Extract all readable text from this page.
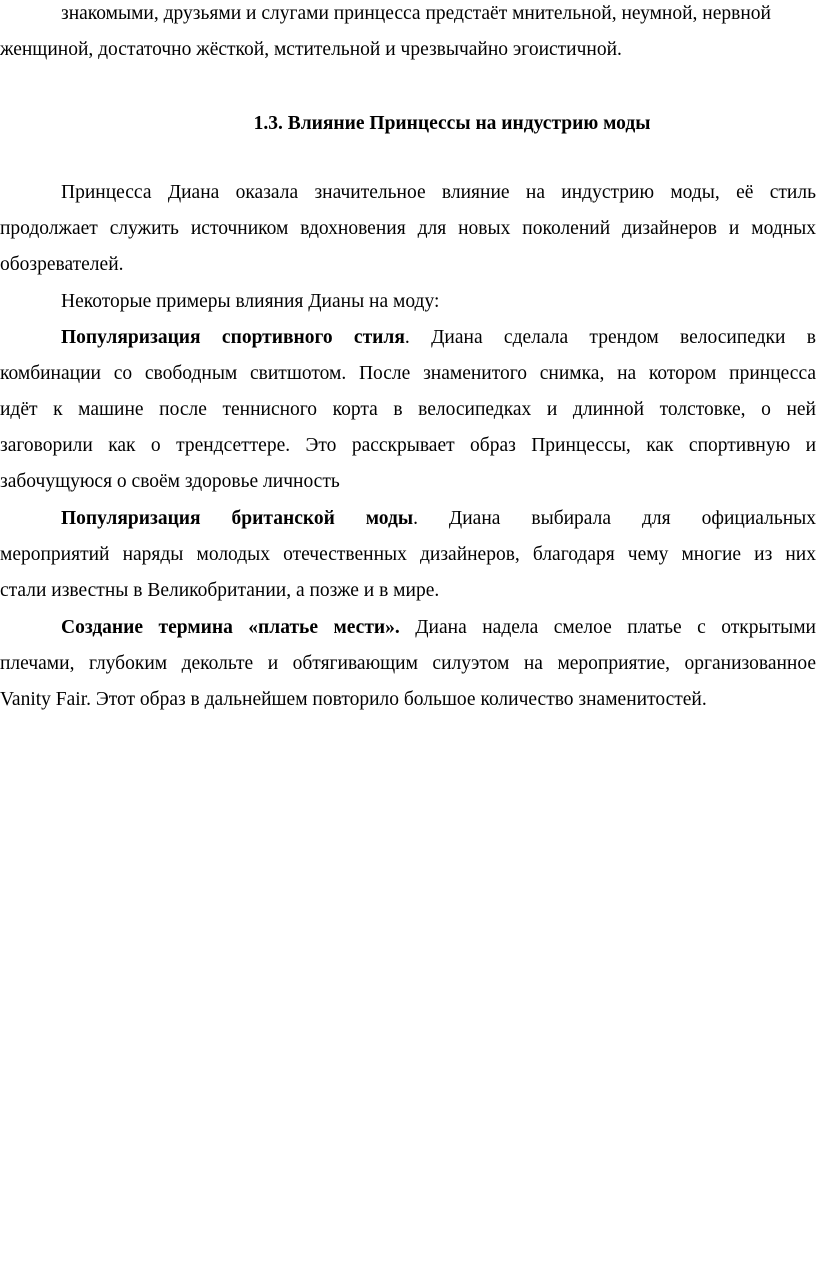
знакомыми, друзьями и слугами принцесса предстаёт мнительной, неумной, нервной
женщиной, достаточно жёсткой, мстительной и чрезвычайно эгоистичной.
1.3. Влияние Принцессы на индустрию моды
Принцесса Диана оказала значительное влияние на индустрию моды, её стиль
продолжает служить источником вдохновения для новых поколений дизайнеров и модных
обозревателей.
Некоторые примеры влияния Дианы на моду:
Популяризация спортивного стиля. Диана сделала трендом велосипедки в
комбинации со свободным свитшотом. После знаменитого снимка, на котором принцесса
идёт к машине после теннисного корта в велосипедках и длинной толстовке, о ней
заговорили как о трендсеттере. Это расскрывает образ Принцессы, как спортивную и
забочущуюся о своём здоровье личность
Популяризация британской моды. Диана выбирала для официальных
мероприятий наряды молодых отечественных дизайнеров, благодаря чему многие из них
стали известны в Великобритании, а позже и в мире.
Создание термина «платье мести». Диана надела смелое платье с открытыми
плечами, глубоким декольте и обтягивающим силуэтом на мероприятие, организованное
Vanity Fair. Этот образ в дальнейшем повторило большое количество знаменитостей.
